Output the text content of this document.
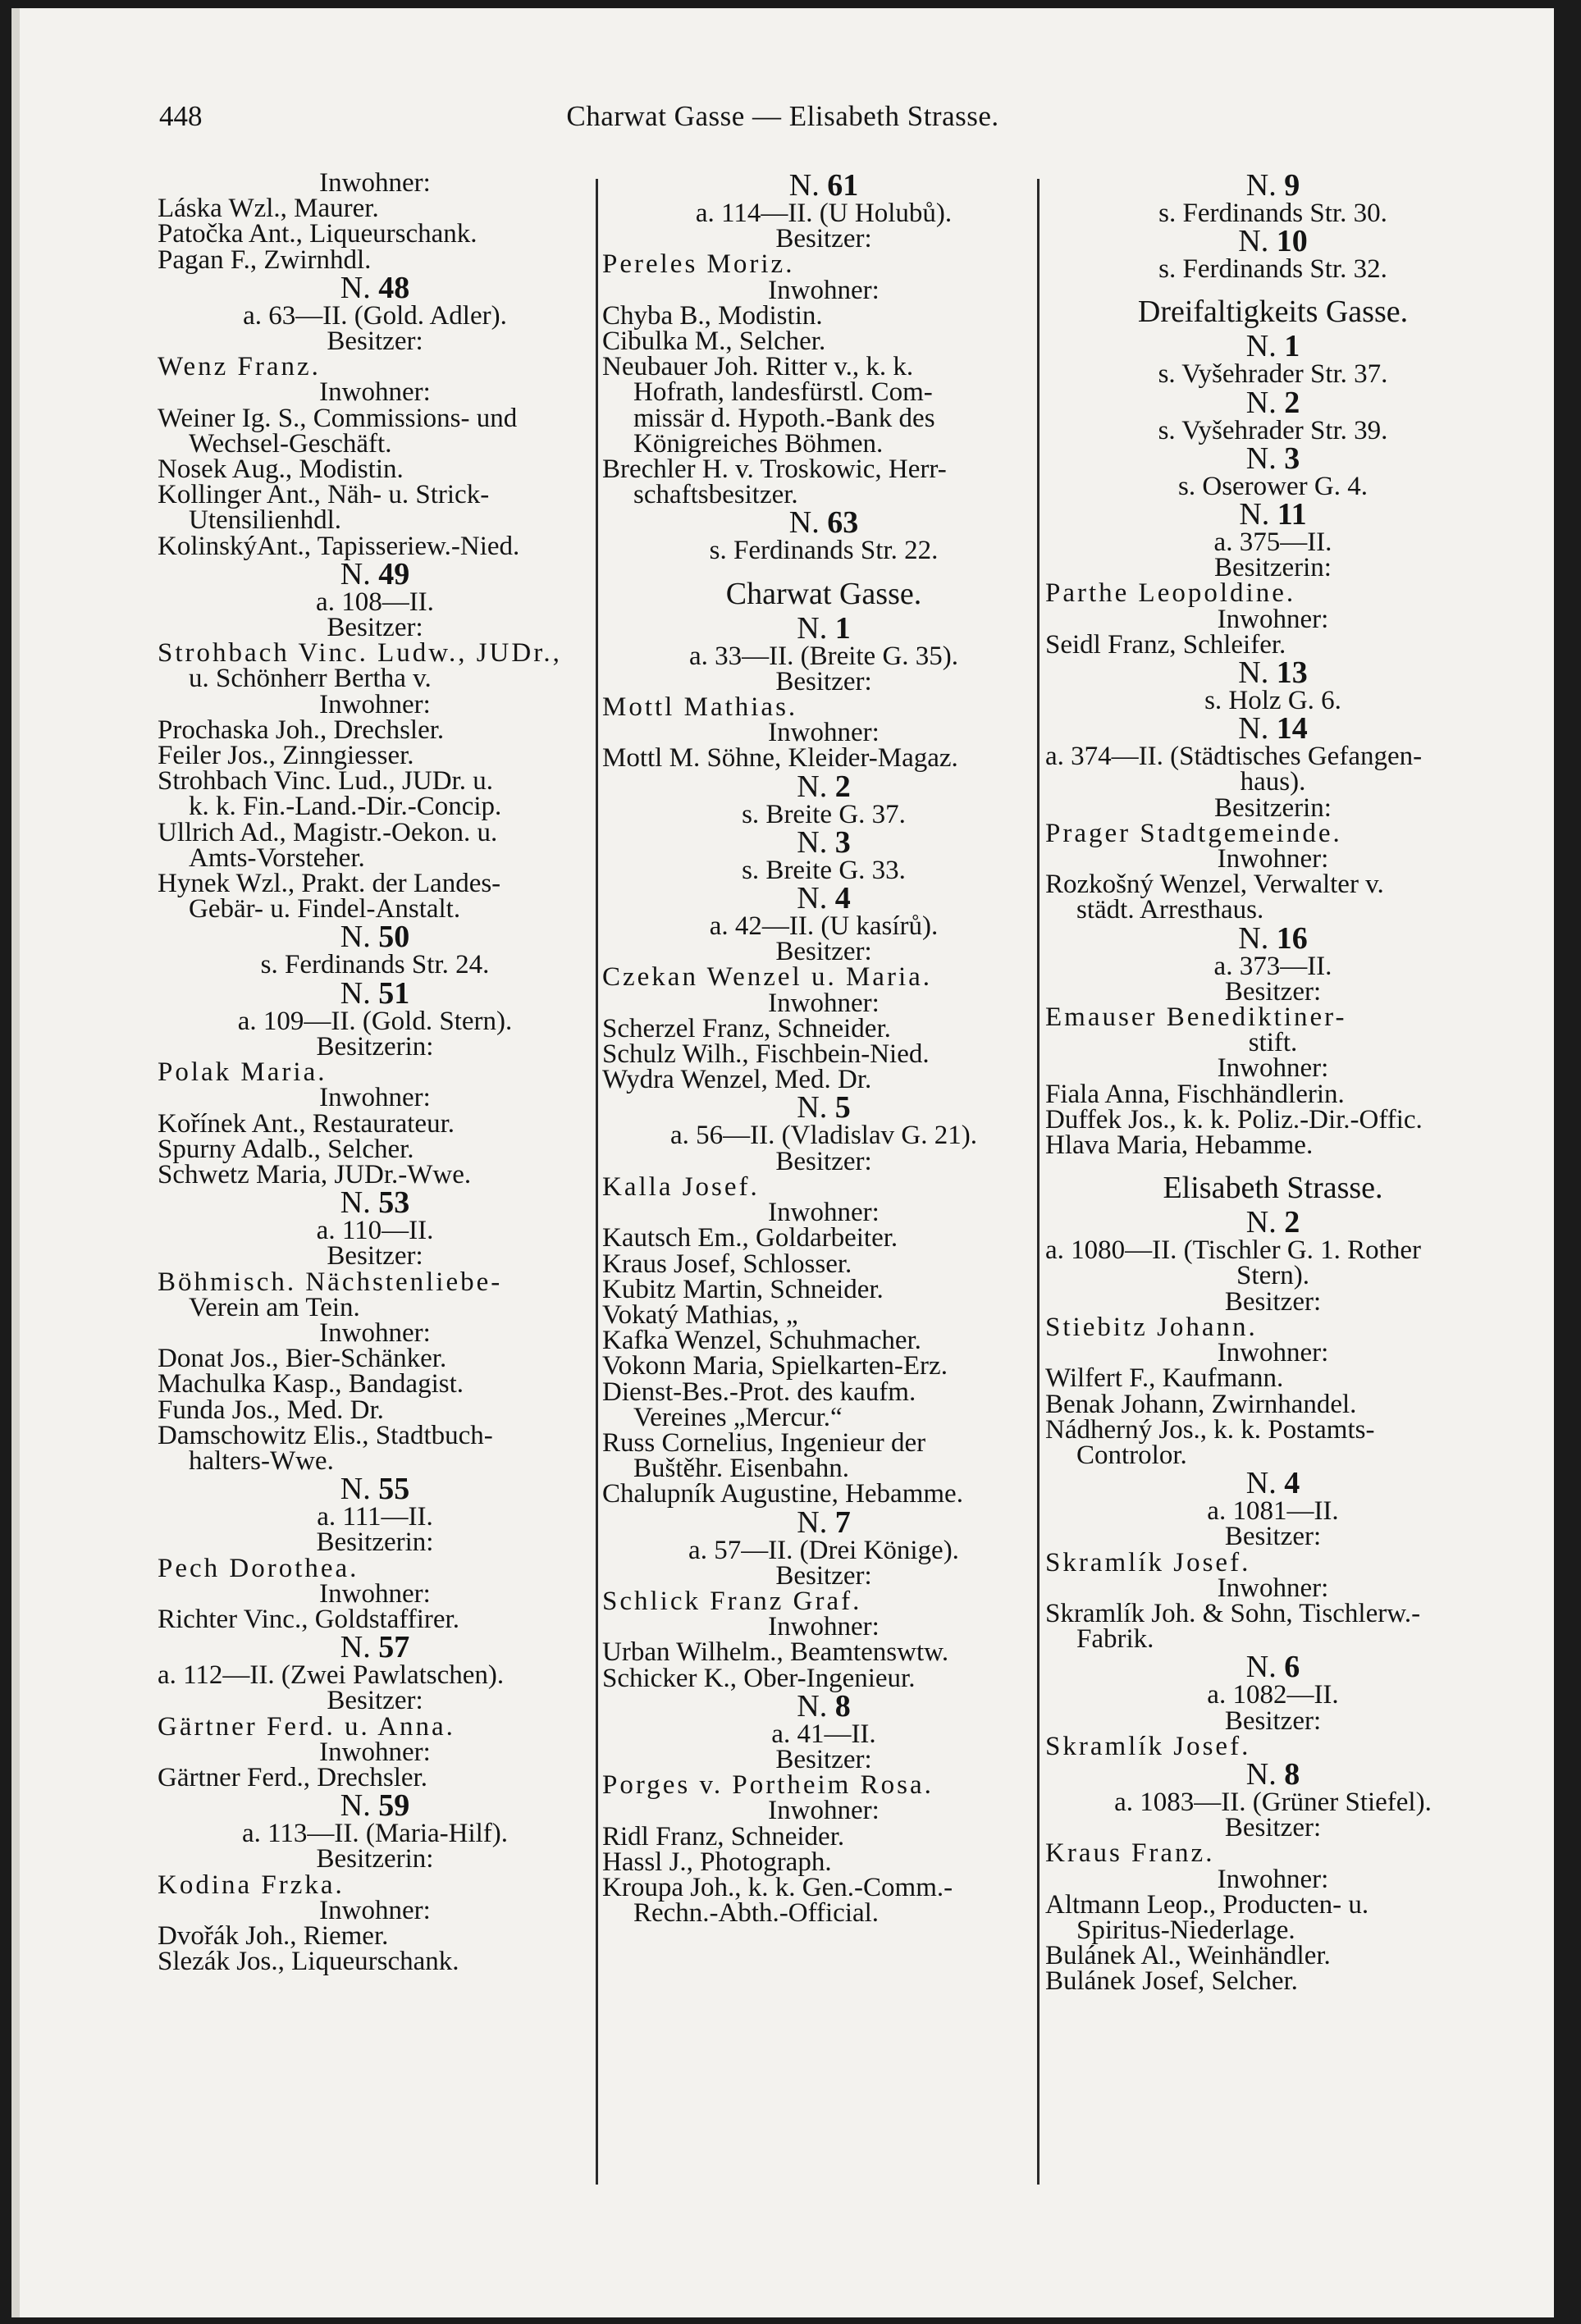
448	Charwat Gasse — Elisabeth Strasse.
Inwohner:
Láska Wzl., Maurer.
Patočka Ant., Liqueurschank.
Pagan F., Zwirnhdl.
N. 48
a. 63—II. (Gold. Adler).
Besitzer:
Wenz Franz.
Inwohner:
Weiner Ig. S., Commissions- und
Wechsel-Geschäft.
Nosek Aug., Modistin.
Kollinger Ant., Näh- u. Strick-
Utensilienhdl.
KolinskýAnt., Tapisseriew.-Nied.
N. 49
a. 108—II.
Besitzer:
Strohbach Vinc. Ludw., JUDr.,
u. Schönherr Bertha v.
Inwohner:
Prochaska Joh., Drechsler.
Feiler Jos., Zinngiesser.
Strohbach Vinc. Lud., JUDr. u.
k. k. Fin.-Land.-Dir.-Concip.
Ullrich Ad., Magistr.-Oekon. u.
Amts-Vorsteher.
Hynek Wzl., Prakt. der Landes-
Gebär- u. Findel-Anstalt.
N. 50
s. Ferdinands Str. 24.
N. 51
a. 109—II. (Gold. Stern).
Besitzerin:
Polak Maria.
Inwohner:
Kořínek Ant., Restaurateur.
Spurny Adalb., Selcher.
Schwetz Maria, JUDr.-Wwe.
N. 53
a. 110—II.
Besitzer:
Böhmisch. Nächstenliebe-
Verein am Tein.
Inwohner:
Donat Jos., Bier-Schänker.
Machulka Kasp., Bandagist.
Funda Jos., Med. Dr.
Damschowitz Elis., Stadtbuch-
halters-Wwe.
N. 55
a. 111—II.
Besitzerin:
Pech Dorothea.
Inwohner:
Richter Vinc., Goldstaffirer.
N. 57
a. 112—II. (Zwei Pawlatschen).
Besitzer:
Gärtner Ferd. u. Anna.
Inwohner:
Gärtner Ferd., Drechsler.
N. 59
a. 113—II. (Maria-Hilf).
Besitzerin:
Kodina Frzka.
Inwohner:
Dvořák Joh., Riemer.
Slezák Jos., Liqueurschank.
N. 61
a. 114—II. (U Holubů).
Besitzer:
Pereles Moriz.
Inwohner:
Chyba B., Modistin.
Cibulka M., Selcher.
Neubauer Joh. Ritter v., k. k.
Hofrath, landesfürstl. Com-
missär d. Hypoth.-Bank des
Königreiches Böhmen.
Brechler H. v. Troskowic, Herr-
schaftsbesitzer.
N. 63
s. Ferdinands Str. 22.
Charwat Gasse.
N. 1
a. 33—II. (Breite G. 35).
Besitzer:
Mottl Mathias.
Inwohner:
Mottl M. Söhne, Kleider-Magaz.
N. 2
s. Breite G. 37.
N. 3
s. Breite G. 33.
N. 4
a. 42—II. (U kasírů).
Besitzer:
Czekan Wenzel u. Maria.
Inwohner:
Scherzel Franz, Schneider.
Schulz Wilh., Fischbein-Nied.
Wydra Wenzel, Med. Dr.
N. 5
a. 56—II. (Vladislav G. 21).
Besitzer:
Kalla Josef.
Inwohner:
Kautsch Em., Goldarbeiter.
Kraus Josef, Schlosser.
Kubitz Martin, Schneider.
Vokatý Mathias, „
Kafka Wenzel, Schuhmacher.
Vokonn Maria, Spielkarten-Erz.
Dienst-Bes.-Prot. des kaufm.
Vereines „Mercur.“
Russ Cornelius, Ingenieur der
Buštěhr. Eisenbahn.
Chalupník Augustine, Hebamme.
N. 7
a. 57—II. (Drei Könige).
Besitzer:
Schlick Franz Graf.
Inwohner:
Urban Wilhelm., Beamtenswtw.
Schicker K., Ober-Ingenieur.
N. 8
a. 41—II.
Besitzer:
Porges v. Portheim Rosa.
Inwohner:
Ridl Franz, Schneider.
Hassl J., Photograph.
Kroupa Joh., k. k. Gen.-Comm.-
Rechn.-Abth.-Official.
N. 9
s. Ferdinands Str. 30.
N. 10
s. Ferdinands Str. 32.
Dreifaltigkeits Gasse.
N. 1
s. Vyšehrader Str. 37.
N. 2
s. Vyšehrader Str. 39.
N. 3
s. Oserower G. 4.
N. 11
a. 375—II.
Besitzerin:
Parthe Leopoldine.
Inwohner:
Seidl Franz, Schleifer.
N. 13
s. Holz G. 6.
N. 14
a. 374—II. (Städtisches Gefangen-
haus).
Besitzerin:
Prager Stadtgemeinde.
Inwohner:
Rozkošný Wenzel, Verwalter v.
städt. Arresthaus.
N. 16
a. 373—II.
Besitzer:
Emauser Benediktiner-
stift.
Inwohner:
Fiala Anna, Fischhändlerin.
Duffek Jos., k. k. Poliz.-Dir.-Offic.
Hlava Maria, Hebamme.
Elisabeth Strasse.
N. 2
a. 1080—II. (Tischler G. 1. Rother
Stern).
Besitzer:
Stiebitz Johann.
Inwohner:
Wilfert F., Kaufmann.
Benak Johann, Zwirnhandel.
Nádherný Jos., k. k. Postamts-
Controlor.
N. 4
a. 1081—II.
Besitzer:
Skramlík Josef.
Inwohner:
Skramlík Joh. & Sohn, Tischlerw.-
Fabrik.
N. 6
a. 1082—II.
Besitzer:
Skramlík Josef.
N. 8
a. 1083—II. (Grüner Stiefel).
Besitzer:
Kraus Franz.
Inwohner:
Altmann Leop., Producten- u.
Spiritus-Niederlage.
Bulánek Al., Weinhändler.
Bulánek Josef, Selcher.
